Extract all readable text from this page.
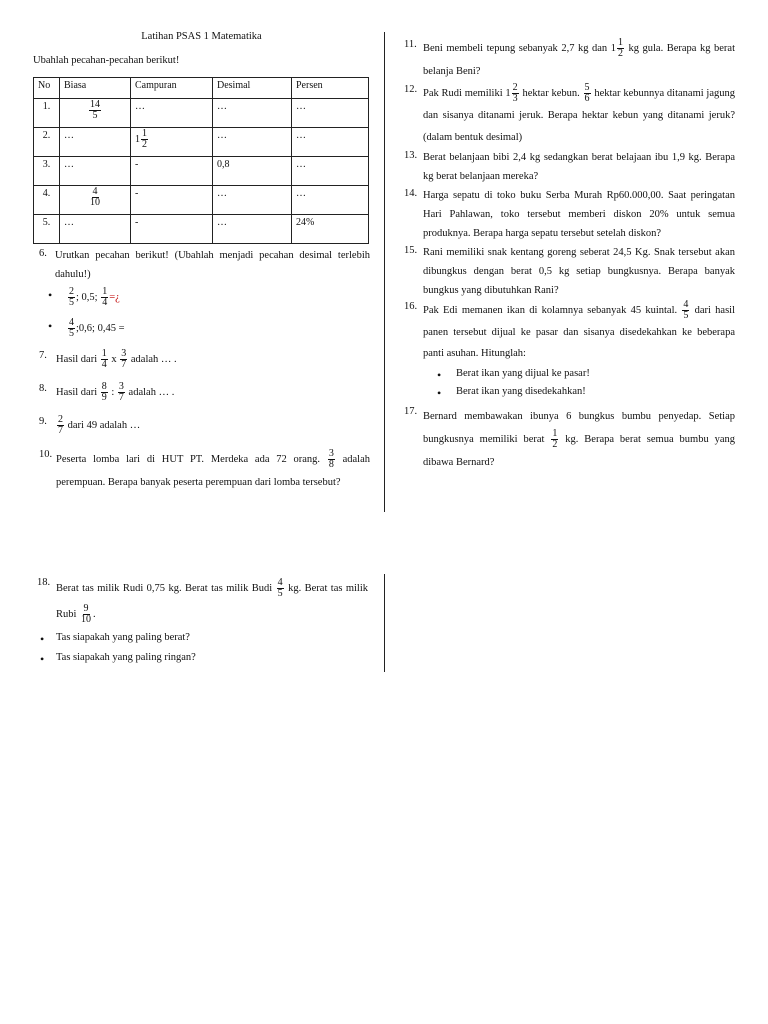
Latihan PSAS 1 Matematika
Ubahlah pecahan-pecahan berikut!
No	Biasa	Campuran	Desimal	Persen
1.	$\frac{14}{5}$	…	…	…
2.	…	$1 \frac{1}{2}$	…	…
3.	…	-	0,8	…
4.	$\frac{4}{10}$	-	…	…
5.	…	-	…	24%
6. Urutkan pecahan berikut! (Ubahlah menjadi pecahan desimal terlebih dahulu!)
• $\frac{2}{5}$ ; 0,5; $\frac{1}{4}$ =¿
• $\frac{4}{5}$ ;0,6; 0,45 =
7. Hasil dari $\frac{1}{4}$ x $\frac{3}{7}$ adalah … .
8. Hasil dari $\frac{8}{9}$ : $\frac{3}{7}$ adalah … .
9.	$\frac{2}{7}$ dari 49 adalah …
10. Peserta lomba lari di HUT PT. Merdeka ada 72 orang. $\frac{3}{8}$ adalah perempuan. Berapa banyak peserta perempuan dari lomba tersebut?
11. Beni membeli tepung sebanyak 2,7 kg dan $1 \frac{1}{2}$ kg gula. Berapa kg berat belanja Beni?
12. Pak Rudi memiliki $1 \frac{2}{3}$ hektar kebun. $\frac{5}{6}$ hektar kebunnya ditanami jagung dan sisanya ditanami jeruk. Berapa hektar kebun yang ditanami jeruk? (dalam bentuk desimal)
13. Berat belanjaan bibi 2,4 kg sedangkan berat belajaan ibu 1,9 kg. Berapa kg berat belanjaan mereka?
14. Harga sepatu di toko buku Serba Murah Rp60.000,00. Saat peringatan Hari Pahlawan, toko tersebut memberi diskon 20% untuk semua produknya. Berapa harga sepatu tersebut setelah diskon?
15. Rani memiliki snak kentang goreng seberat 24,5 Kg. Snak tersebut akan dibungkus dengan berat 0,5 kg setiap bungkusnya. Berapa banyak bungkus yang dibutuhkan Rani?
16. Pak Edi memanen ikan di kolamnya sebanyak 45 kuintal. $\frac{4}{5}$ dari hasil panen tersebut dijual ke pasar dan sisanya disedekahkan ke beberapa panti asuhan. Hitunglah:
• Berat ikan yang dijual ke pasar!
• Berat ikan yang disedekahkan!
17. Bernard membawakan ibunya 6 bungkus bumbu penyedap. Setiap bungkusnya memiliki berat $\frac{1}{2}$ kg. Berapa berat semua bumbu yang dibawa Bernard?
18.
Berat tas milik Rudi 0,75 kg. Berat tas milik Budi $\frac{4}{5}$ kg. Berat tas milik Rubi $\frac{9}{10}$ .
• Tas siapakah yang paling berat?
• Tas siapakah yang paling ringan?
